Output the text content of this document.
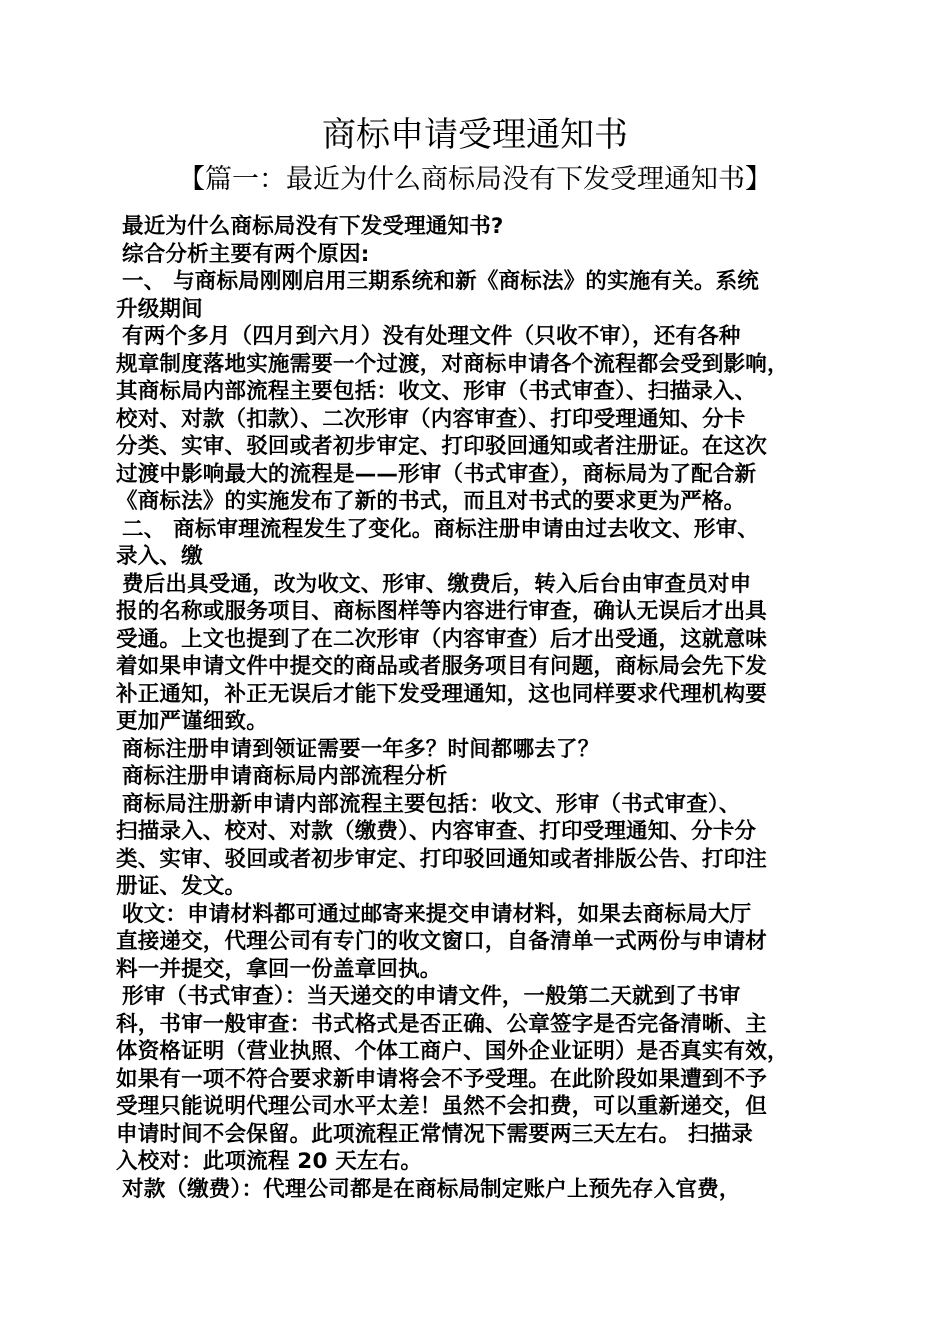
商标申请受理通知书
【篇一：最近为什么商标局没有下发受理通知书】
最近为什么商标局没有下发受理通知书?
综合分析主要有两个原因:
一、 与商标局刚刚启用三期系统和新《商标法》的实施有关。系统
升级期间
有两个多月（四月到六月）没有处理文件（只收不审），还有各种
规章制度落地实施需要一个过渡，对商标申请各个流程都会受到影响，
其商标局内部流程主要包括：收文、形审（书式审查）、扫描录入、
校对、对款（扣款）、二次形审（内容审查）、打印受理通知、分卡
分类、实审、驳回或者初步审定、打印驳回通知或者注册证。在这次
过渡中影响最大的流程是——形审（书式审查），商标局为了配合新
《商标法》的实施发布了新的书式，而且对书式的要求更为严格。
二、 商标审理流程发生了变化。商标注册申请由过去收文、形审、
录入、缴
费后出具受通，改为收文、形审、缴费后，转入后台由审查员对申
报的名称或服务项目、商标图样等内容进行审查，确认无误后才出具
受通。上文也提到了在二次形审（内容审查）后才出受通，这就意味
着如果申请文件中提交的商品或者服务项目有问题，商标局会先下发
补正通知，补正无误后才能下发受理通知，这也同样要求代理机构要
更加严谨细致。
商标注册申请到领证需要一年多？时间都哪去了？
商标注册申请商标局内部流程分析
商标局注册新申请内部流程主要包括：收文、形审（书式审查）、
扫描录入、校对、对款（缴费）、内容审查、打印受理通知、分卡分
类、实审、驳回或者初步审定、打印驳回通知或者排版公告、打印注
册证、发文。
收文：申请材料都可通过邮寄来提交申请材料，如果去商标局大厅
直接递交，代理公司有专门的收文窗口，自备清单一式两份与申请材
料一并提交，拿回一份盖章回执。
形审（书式审查）：当天递交的申请文件，一般第二天就到了书审
科，书审一般审查：书式格式是否正确、公章签字是否完备清晰、主
体资格证明（营业执照、个体工商户、国外企业证明）是否真实有效，
如果有一项不符合要求新申请将会不予受理。在此阶段如果遭到不予
受理只能说明代理公司水平太差！虽然不会扣费，可以重新递交，但
申请时间不会保留。此项流程正常情况下需要两三天左右。 扫描录
入校对：此项流程 20 天左右。
对款（缴费）：代理公司都是在商标局制定账户上预先存入官费，
